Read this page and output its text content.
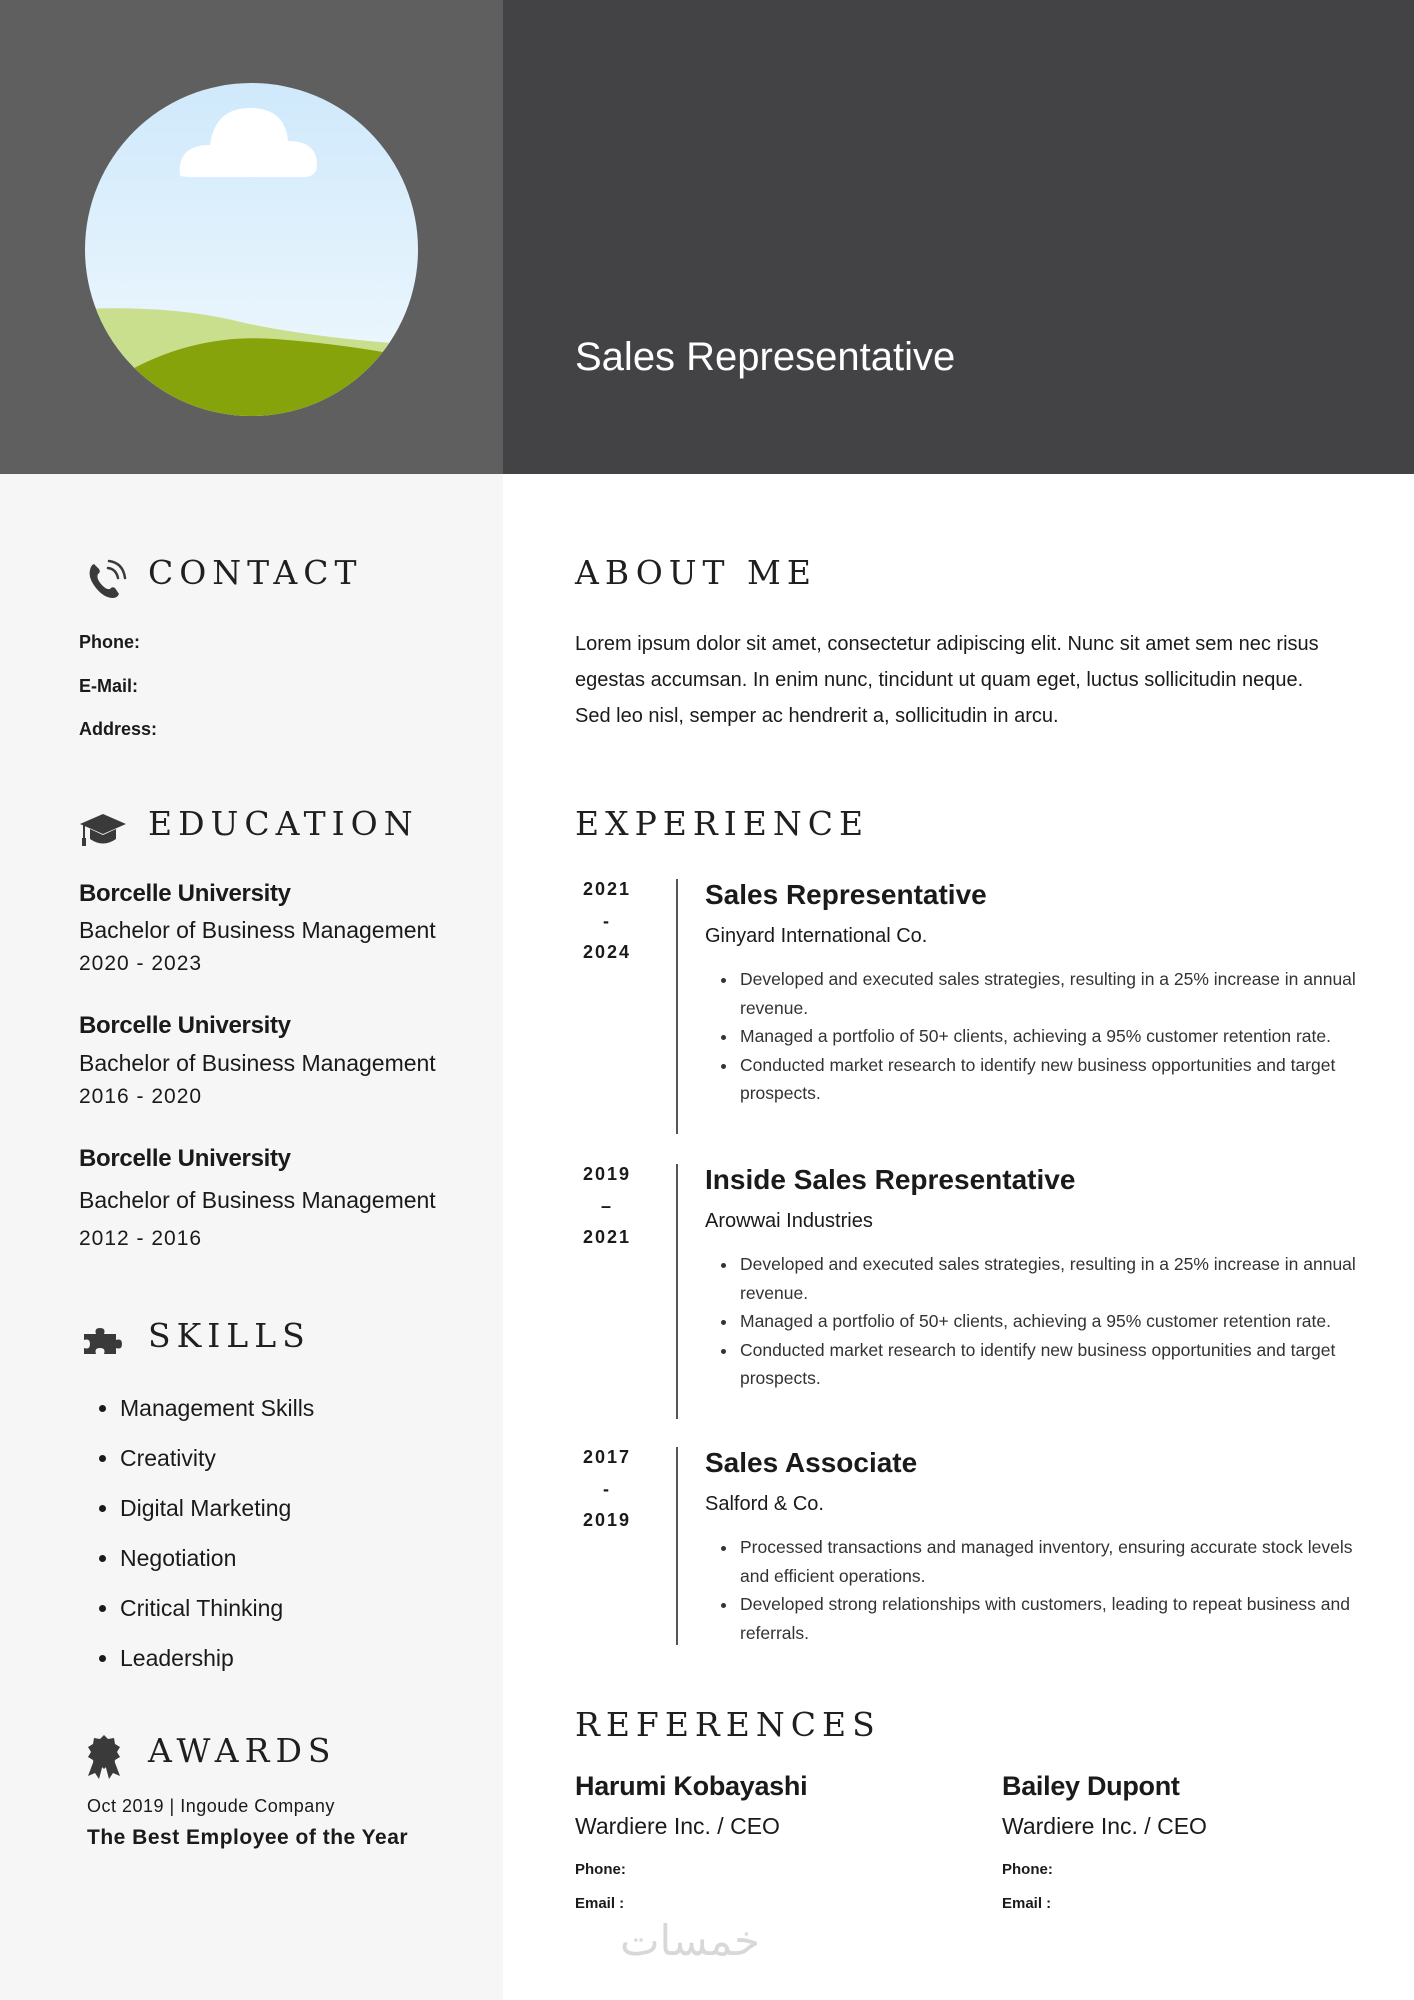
Sales Representative
CONTACT
Phone:
E-Mail:
Address:
EDUCATION
Borcelle University
Bachelor of Business Management
2020 - 2023
Borcelle University
Bachelor of Business Management
2016 - 2020
Borcelle University
Bachelor of Business Management
2012 - 2016
SKILLS
• Management Skills
• Creativity
• Digital Marketing
• Negotiation
• Critical Thinking
• Leadership
AWARDS
Oct 2019 | Ingoude Company
The Best Employee of the Year
ABOUT ME
Lorem ipsum dolor sit amet, consectetur adipiscing elit. Nunc sit amet sem nec risus egestas accumsan. In enim nunc, tincidunt ut quam eget, luctus sollicitudin neque. Sed leo nisl, semper ac hendrerit a, sollicitudin in arcu.
EXPERIENCE
2021
-
2024
Sales Representative
Ginyard International Co.
• Developed and executed sales strategies, resulting in a 25% increase in annual revenue.
• Managed a portfolio of 50+ clients, achieving a 95% customer retention rate.
• Conducted market research to identify new business opportunities and target prospects.
2019
–
2021
Inside Sales Representative
Arowwai Industries
• Developed and executed sales strategies, resulting in a 25% increase in annual revenue.
• Managed a portfolio of 50+ clients, achieving a 95% customer retention rate.
• Conducted market research to identify new business opportunities and target prospects.
2017
-
2019
Sales Associate
Salford & Co.
• Processed transactions and managed inventory, ensuring accurate stock levels and efficient operations.
• Developed strong relationships with customers, leading to repeat business and referrals.
REFERENCES
Harumi Kobayashi
Wardiere Inc. / CEO
Phone:
Email :
Bailey Dupont
Wardiere Inc. / CEO
Phone:
Email :
خمسات
